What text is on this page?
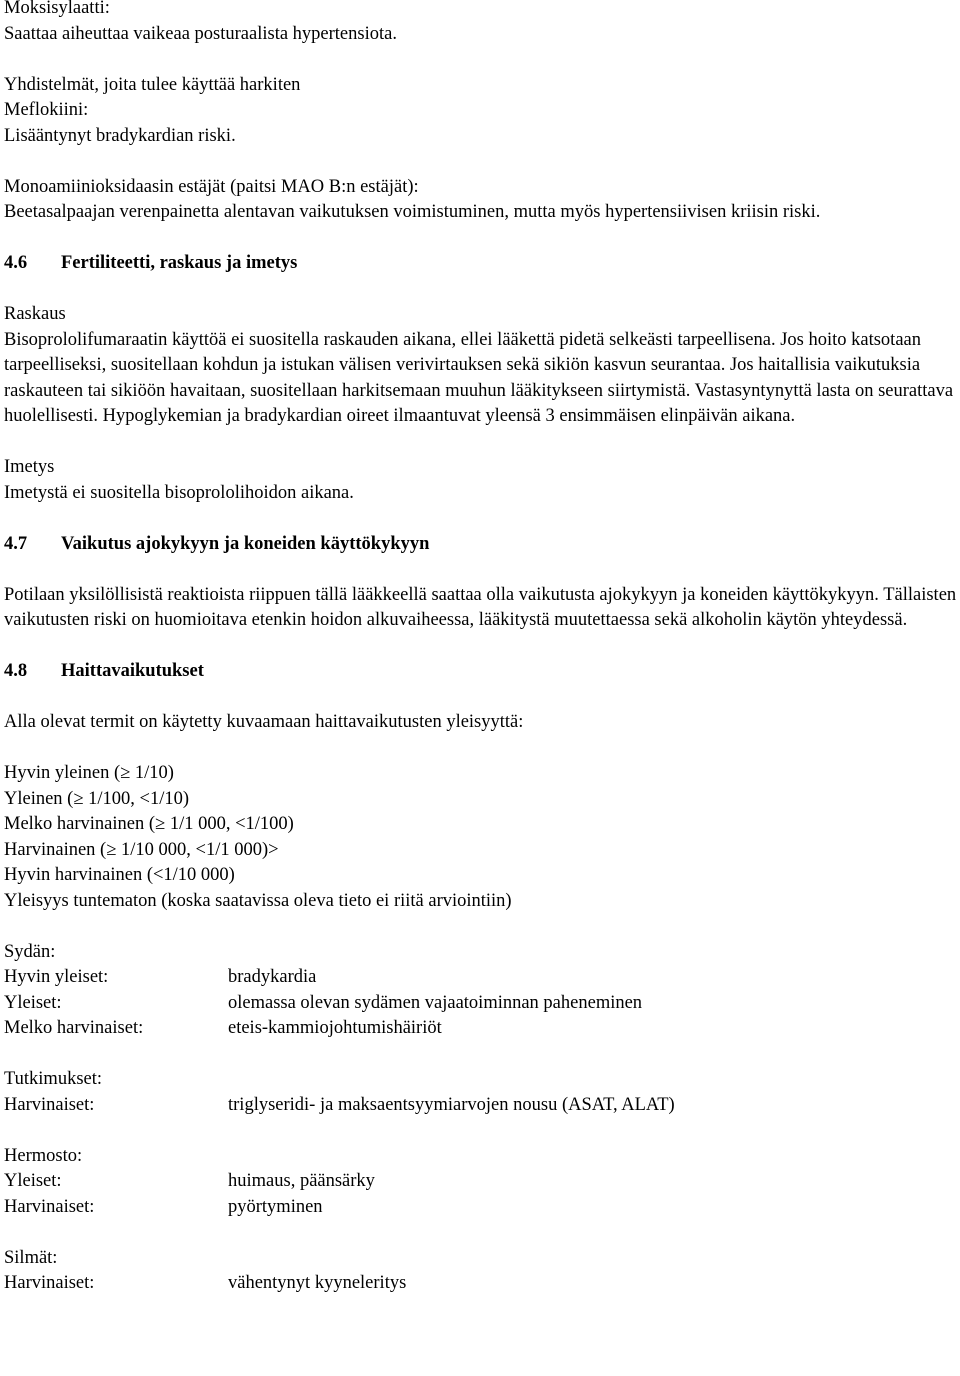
Moksisylaatti:

Saattaa aiheuttaa vaikeaa posturaalista hypertensiota.

Yhdistelmät, joita tulee käyttää harkiten

Meflokiini:

Lisääntynyt bradykardian riski.

Monoamiinioksidaasin estäjät (paitsi MAO B:n estäjät):

Beetasalpaajan verenpainetta alentavan vaikutuksen voimistuminen, mutta myös hypertensiivisen kriisin riski.

4.6	Fertiliteetti, raskaus ja imetys

Raskaus

Bisoprololifumaraatin käyttöä ei suositella raskauden aikana, ellei lääkettä pidetä selkeästi tarpeellisena. Jos hoito katsotaan tarpeelliseksi, suositellaan kohdun ja istukan välisen verivirtauksen sekä sikiön kasvun seurantaa. Jos haitallisia vaikutuksia raskauteen tai sikiöön havaitaan, suositellaan harkitsemaan muuhun lääkitykseen siirtymistä. Vastasyntynyttä lasta on seurattava huolellisesti. Hypoglykemian ja bradykardian oireet ilmaantuvat yleensä 3 ensimmäisen elinpäivän aikana.

Imetys

Imetystä ei suositella bisoprololihoidon aikana.

4.7	Vaikutus ajokykyyn ja koneiden käyttökykyyn

Potilaan yksilöllisistä reaktioista riippuen tällä lääkkeellä saattaa olla vaikutusta ajokykyyn ja koneiden käyttökykyyn. Tällaisten vaikutusten riski on huomioitava etenkin hoidon alkuvaiheessa, lääkitystä muutettaessa sekä alkoholin käytön yhteydessä.

4.8	Haittavaikutukset

Alla olevat termit on käytetty kuvaamaan haittavaikutusten yleisyyttä:

Hyvin yleinen (≥ 1/10)

Yleinen (≥ 1/100, <1/10)

Melko harvinainen (≥ 1/1 000, <1/100)

Harvinainen (≥ 1/10 000, <1/1 000)>

Hyvin harvinainen (<1/10 000)

Yleisyys tuntematon (koska saatavissa oleva tieto ei riitä arviointiin)

Sydän:

Hyvin yleiset:	bradykardia
Yleiset:	olemassa olevan sydämen vajaatoiminnan paheneminen
Melko harvinaiset:	eteis-kammiojohtumishäiriöt

Tutkimukset:

Harvinaiset:	triglyseridi- ja maksaentsyymiarvojen nousu (ASAT, ALAT)

Hermosto:

Yleiset:	huimaus, päänsärky
Harvinaiset:	pyörtyminen

Silmät:

Harvinaiset:	vähentynyt kyyneleritys
